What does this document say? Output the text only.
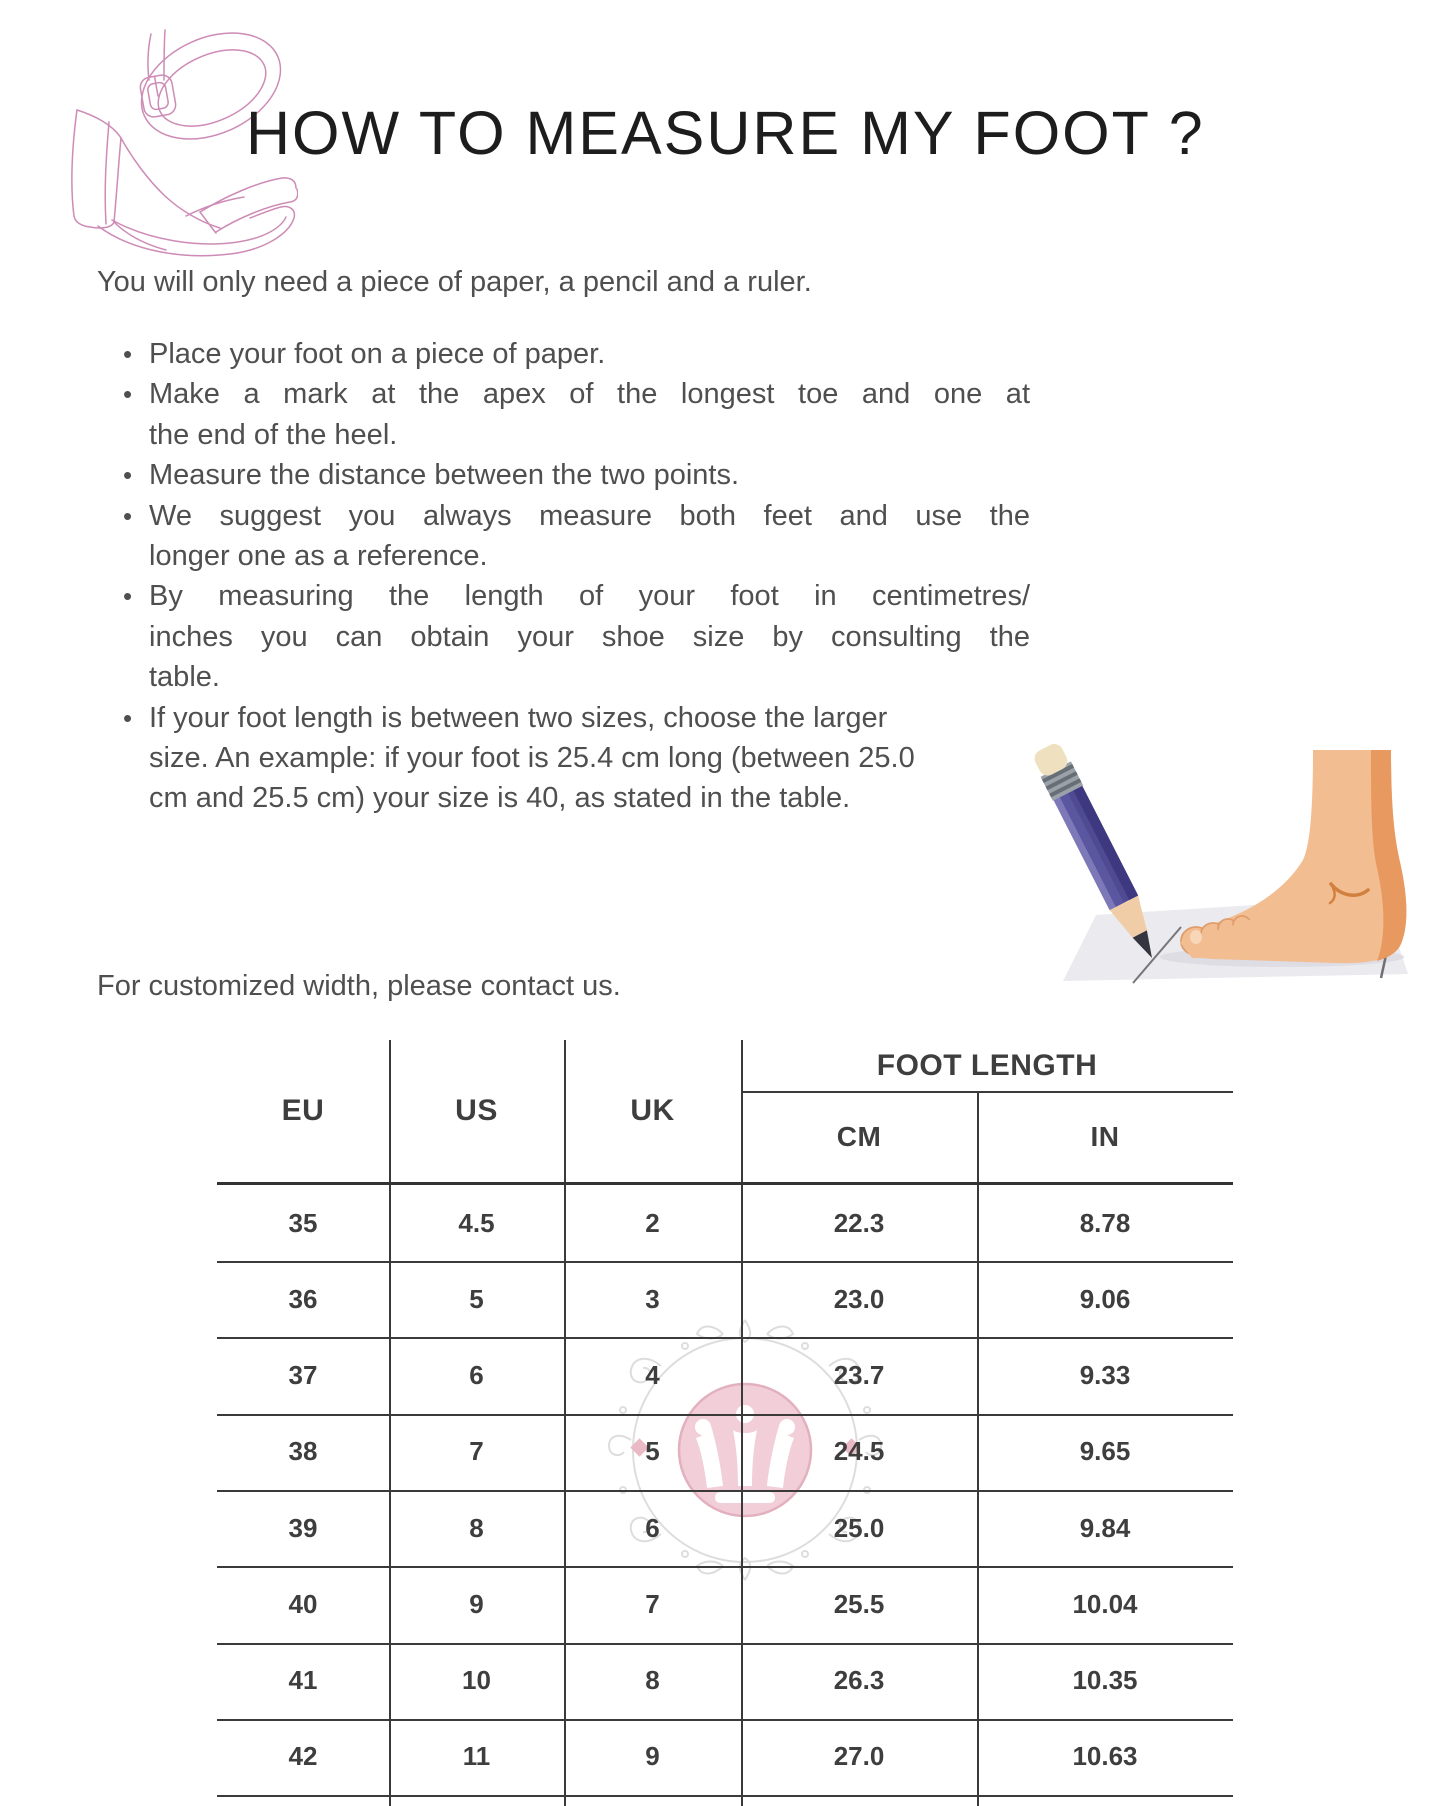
HOW TO MEASURE MY FOOT ?
You will only need a piece of paper, a pencil and a ruler.
• Place your foot on a piece of paper.
• Make a mark at the apex of the longest toe and one at
the end of the heel.
• Measure the distance between the two points.
• We suggest you always measure both feet and use the
longer one as a reference.
• By measuring the length of your foot in centimetres/
inches you can obtain your shoe size by consulting the
table.
• If your foot length is between two sizes, choose the larger
size. An example: if your foot is 25.4 cm long (between 25.0
cm and 25.5 cm) your size is 40, as stated in the table.
For customized width, please contact us.
EU	US	UK
FOOT LENGTH
CM	IN
35	4.5	2	22.3	8.78
36	5	3	23.0	9.06
37	6	4	23.7	9.33
38	7	5	24.5	9.65
39	8	6	25.0	9.84
40	9	7	25.5	10.04
41	10	8	26.3	10.35
42	11	9	27.0	10.63
